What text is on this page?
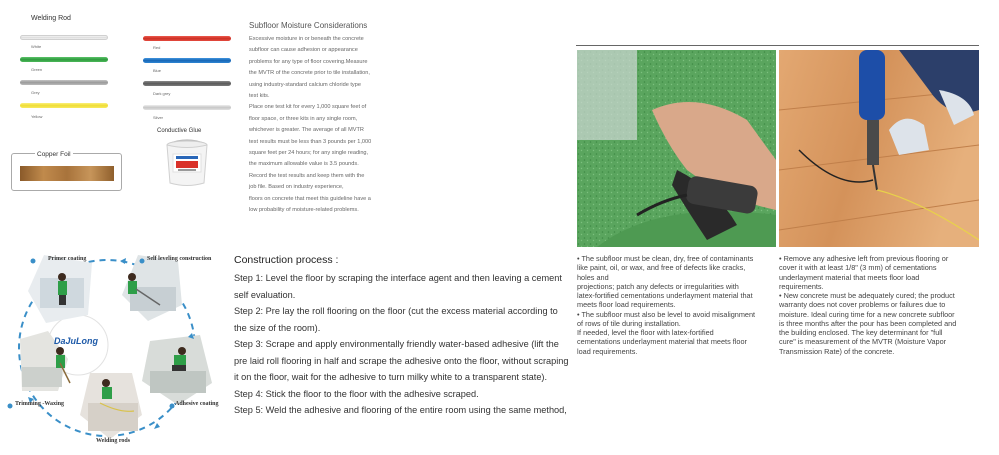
Welding Rod
White
Green
Grey
Yellow
Red
Blue
Dark grey
Silver
Conductive Glue
Copper Foil
Subfloor Moisture Considerations

Excessive moisture in or beneath the concrete

subfloor can cause adhesion or appearance

problems for any type of floor covering.Measure

the MVTR of the concrete prior to tile installation,

using industry-standard calcium chloride type

test kits.

Place one test kit for every 1,000 square feet of

floor space, or three kits in any single room,

whichever is greater. The average of all MVTR

test results must be less than 3 pounds per 1,000

square feet per 24 hours; for any single reading,

the maximum allowable value is 3.5 pounds.

Record the test results and keep them with the

job file. Based on industry experience,

floors on concrete that meet this guideline have a

low probability of moisture-related problems.

DaJuLong
Primer coating	Self leveling construction
Adhesive coating
Welding rods
Trimming -Waxing
Construction process :

Step 1: Level the floor by scraping the interface agent and then leaving a cement

self evaluation.

Step 2: Pre lay the roll flooring on the floor (cut the excess material according to

the size of the room).

Step 3: Scrape and apply environmentally friendly water-based adhesive (lift the

pre laid roll flooring in half and scrape the adhesive onto the floor, without scraping

it on the floor, wait for the adhesive to turn milky white to a transparent state).

Step 4: Stick the floor to the floor with the adhesive scraped.

Step 5: Weld the adhesive and flooring of the entire room using the same method,

• The subfloor must be clean, dry, free of contaminants

like paint, oil, or wax, and free of defects like cracks,

holes and

projections; patch any defects or irregularities with

latex-fortified cementations underlayment material that

meets floor load requirements.

• The subfloor must also be level to avoid misalignment

of rows of tile during installation.

If needed, level the floor with latex-fortified

cementations underlayment material that meets floor

load requirements.

• Remove any adhesive left from previous flooring or

cover it with at least 1/8" (3 mm) of cementations

underlayment material that meets floor load

requirements.

• New concrete must be adequately cured; the product

warranty does not cover problems or failures due to

moisture. Ideal curing time for a new concrete subfloor

is three months after the pour has been completed and

the building enclosed. The key determinant for "full

cure" is measurement of the MVTR (Moisture Vapor

Transmission Rate) of the concrete.
